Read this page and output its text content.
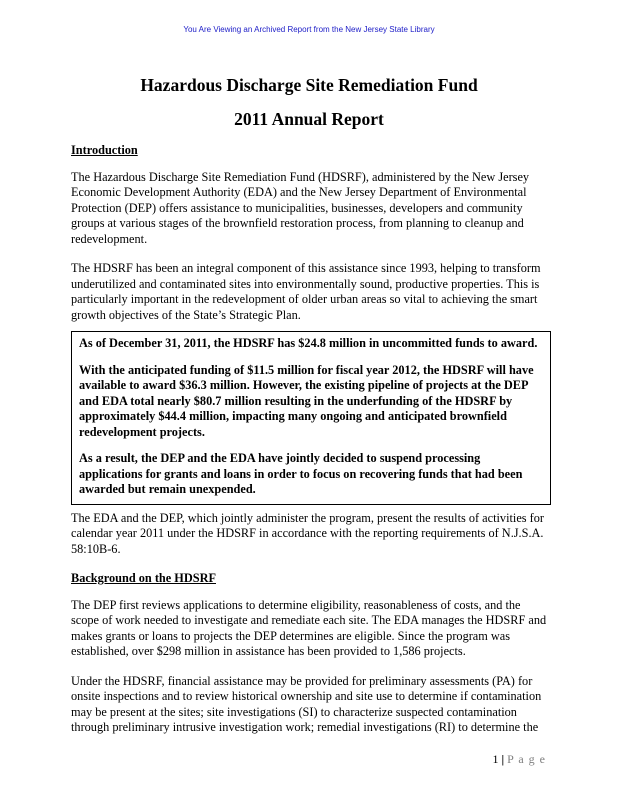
You Are Viewing an Archived Report from the New Jersey State Library
Hazardous Discharge Site Remediation Fund
2011 Annual Report

Introduction

The Hazardous Discharge Site Remediation Fund (HDSRF), administered by the New Jersey Economic Development Authority (EDA) and the New Jersey Department of Environmental Protection (DEP) offers assistance to municipalities, businesses, developers and community groups at various stages of the brownfield restoration process, from planning to cleanup and redevelopment.

The HDSRF has been an integral component of this assistance since 1993, helping to transform underutilized and contaminated sites into environmentally sound, productive properties. This is particularly important in the redevelopment of older urban areas so vital to achieving the smart growth objectives of the State’s Strategic Plan.

As of December 31, 2011, the HDSRF has $24.8 million in uncommitted funds to award.

With the anticipated funding of $11.5 million for fiscal year 2012, the HDSRF will have available to award $36.3 million. However, the existing pipeline of projects at the DEP and EDA total nearly $80.7 million resulting in the underfunding of the HDSRF by approximately $44.4 million, impacting many ongoing and anticipated brownfield redevelopment projects.

As a result, the DEP and the EDA have jointly decided to suspend processing applications for grants and loans in order to focus on recovering funds that had been awarded but remain unexpended.

The EDA and the DEP, which jointly administer the program, present the results of activities for calendar year 2011 under the HDSRF in accordance with the reporting requirements of N.J.S.A. 58:10B-6.

Background on the HDSRF

The DEP first reviews applications to determine eligibility, reasonableness of costs, and the scope of work needed to investigate and remediate each site. The EDA manages the HDSRF and makes grants or loans to projects the DEP determines are eligible. Since the program was established, over $298 million in assistance has been provided to 1,586 projects.

Under the HDSRF, financial assistance may be provided for preliminary assessments (PA) for onsite inspections and to review historical ownership and site use to determine if contamination may be present at the sites; site investigations (SI) to characterize suspected contamination through preliminary intrusive investigation work; remedial investigations (RI) to determine the

1 | P a g e
